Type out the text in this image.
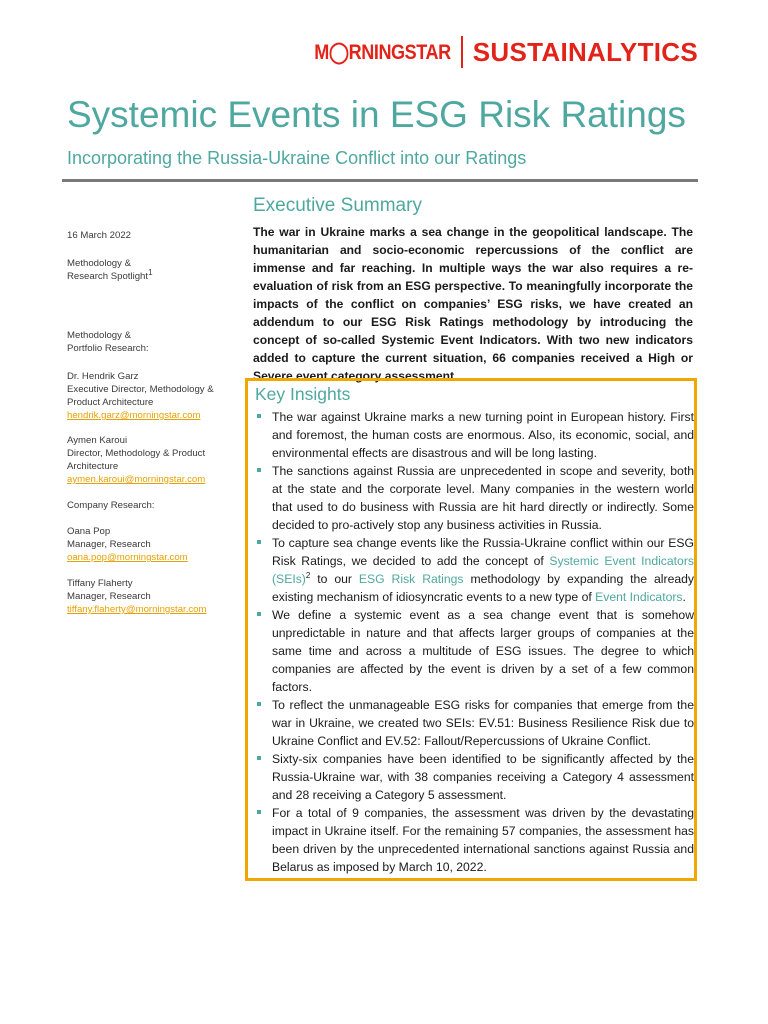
M◯RNINGSTAR SUSTAINALYTICS
Systemic Events in ESG Risk Ratings
Incorporating the Russia-Ukraine Conflict into our Ratings
Executive Summary
16 March 2022
Methodology &
Research Spotlight$^1$
Methodology &
Portfolio Research:
Dr. Hendrik Garz
Executive Director, Methodology &
Product Architecture
hendrik.garz@morningstar.com
Aymen Karoui
Director, Methodology & Product
Architecture
aymen.karoui@morningstar.com
Company Research:
Oana Pop
Manager, Research
oana.pop@morningstar.com
Tiffany Flaherty
Manager, Research
tiffany.flaherty@morningstar.com
The war in Ukraine marks a sea change in the geopolitical landscape. The humanitarian and socio-economic repercussions of the conflict are immense and far reaching. In multiple ways the war also requires a re-evaluation of risk from an ESG perspective. To meaningfully incorporate the impacts of the conflict on companies’ ESG risks, we have created an addendum to our ESG Risk Ratings methodology by introducing the concept of so-called Systemic Event Indicators. With two new indicators added to capture the current situation, 66 companies received a High or Severe event category assessment.
Key Insights
The war against Ukraine marks a new turning point in European history. First and foremost, the human costs are enormous. Also, its economic, social, and environmental effects are disastrous and will be long lasting.
The sanctions against Russia are unprecedented in scope and severity, both at the state and the corporate level. Many companies in the western world that used to do business with Russia are hit hard directly or indirectly. Some decided to pro-actively stop any business activities in Russia.
To capture sea change events like the Russia-Ukraine conflict within our ESG Risk Ratings, we decided to add the concept of Systemic Event Indicators (SEIs)$^2$ to our ESG Risk Ratings methodology by expanding the already existing mechanism of idiosyncratic events to a new type of Event Indicators.
We define a systemic event as a sea change event that is somehow unpredictable in nature and that affects larger groups of companies at the same time and across a multitude of ESG issues. The degree to which companies are affected by the event is driven by a set of a few common factors.
To reflect the unmanageable ESG risks for companies that emerge from the war in Ukraine, we created two SEIs: EV.51: Business Resilience Risk due to Ukraine Conflict and EV.52: Fallout/Repercussions of Ukraine Conflict.
Sixty-six companies have been identified to be significantly affected by the Russia-Ukraine war, with 38 companies receiving a Category 4 assessment and 28 receiving a Category 5 assessment.
For a total of 9 companies, the assessment was driven by the devastating impact in Ukraine itself. For the remaining 57 companies, the assessment has been driven by the unprecedented international sanctions against Russia and Belarus as imposed by March 10, 2022.
